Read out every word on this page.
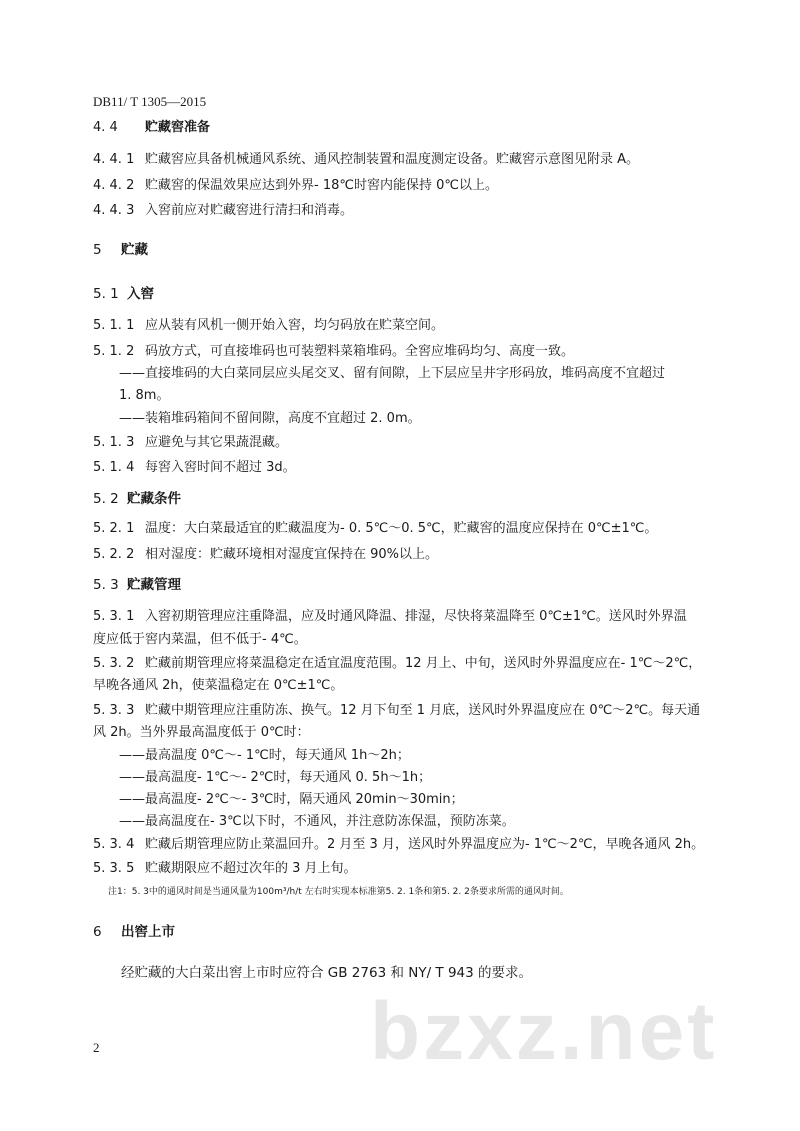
DB11/ T 1305—2015
4. 4 贮藏窖准备
4. 4. 1 贮藏窖应具备机械通风系统、通风控制装置和温度测定设备。贮藏窖示意图见附录 A。
4. 4. 2 贮藏窖的保温效果应达到外界- 18℃时窖内能保持 0℃以上。
4. 4. 3 入窖前应对贮藏窖进行清扫和消毒。
5 贮藏
5. 1 入窖
5. 1. 1 应从装有风机一侧开始入窖，均匀码放在贮菜空间。
5. 1. 2 码放方式，可直接堆码也可装塑料菜箱堆码。全窖应堆码均匀、高度一致。
——直接堆码的大白菜同层应头尾交叉、留有间隙，上下层应呈井字形码放，堆码高度不宜超过
1. 8m。
——装箱堆码箱间不留间隙，高度不宜超过 2. 0m。
5. 1. 3 应避免与其它果蔬混藏。
5. 1. 4 每窖入窖时间不超过 3d。
5. 2 贮藏条件
5. 2. 1 温度：大白菜最适宜的贮藏温度为- 0. 5℃～0. 5℃，贮藏窖的温度应保持在 0℃±1℃。
5. 2. 2 相对湿度：贮藏环境相对湿度宜保持在 90%以上。
5. 3 贮藏管理
5. 3. 1 入窖初期管理应注重降温，应及时通风降温、排湿，尽快将菜温降至 0℃±1℃。送风时外界温
度应低于窖内菜温，但不低于- 4℃。
5. 3. 2 贮藏前期管理应将菜温稳定在适宜温度范围。12 月上、中旬，送风时外界温度应在- 1℃～2℃，
早晚各通风 2h，使菜温稳定在 0℃±1℃。
5. 3. 3 贮藏中期管理应注重防冻、换气。12 月下旬至 1 月底，送风时外界温度应在 0℃～2℃。每天通
风 2h。当外界最高温度低于 0℃时：
——最高温度 0℃～- 1℃时，每天通风 1h～2h；
——最高温度- 1℃～- 2℃时，每天通风 0. 5h～1h；
——最高温度- 2℃～- 3℃时，隔天通风 20min～30min；
——最高温度在- 3℃以下时，不通风，并注意防冻保温，预防冻菜。
5. 3. 4 贮藏后期管理应防止菜温回升。2 月至 3 月，送风时外界温度应为- 1℃～2℃，早晚各通风 2h。
5. 3. 5 贮藏期限应不超过次年的 3 月上旬。
注1：5. 3中的通风时间是当通风量为100m³/h/t 左右时实现本标准第5. 2. 1条和第5. 2. 2条要求所需的通风时间。
6 出窖上市
经贮藏的大白菜出窖上市时应符合 GB 2763 和 NY/ T 943 的要求。
bzxz.net
2
